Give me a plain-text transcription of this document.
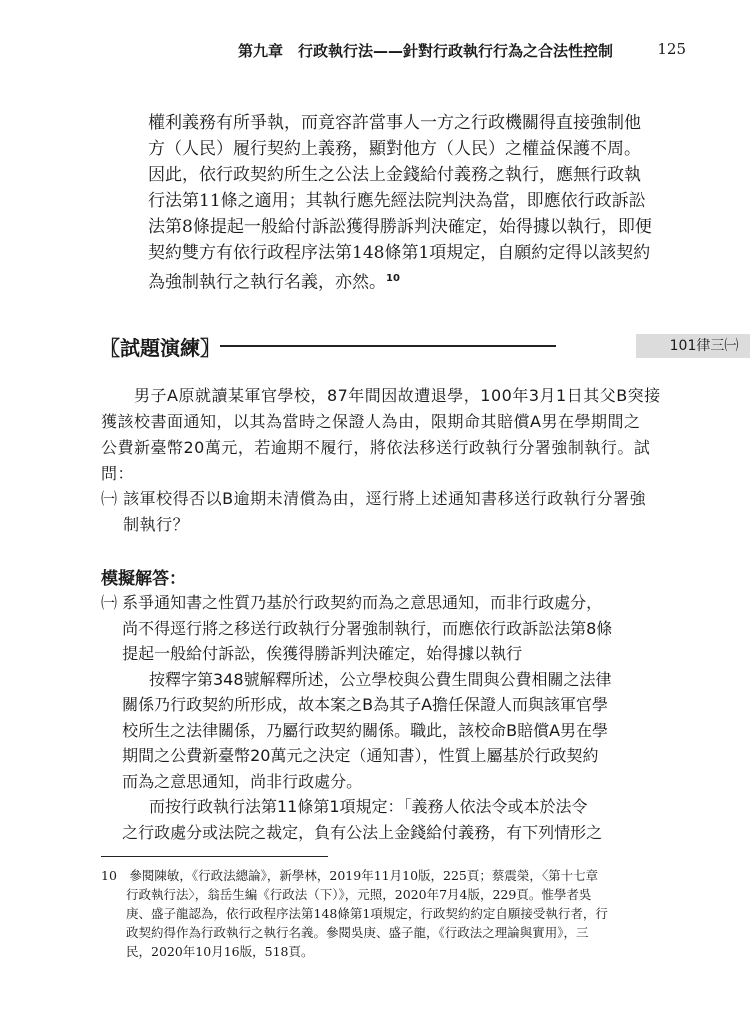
第九章　行政執行法——針對行政執行行為之合法性控制	125
權利義務有所爭執，而竟容許當事人一方之行政機關得直接強制他
方（人民）履行契約上義務，顯對他方（人民）之權益保護不周。
因此，依行政契約所生之公法上金錢給付義務之執行，應無行政執
行法第11條之適用；其執行應先經法院判決為當，即應依行政訴訟
法第8條提起一般給付訴訟獲得勝訴判決確定，始得據以執行，即便
契約雙方有依行政程序法第148條第1項規定，自願約定得以該契約
為強制執行之執行名義，亦然。$^{10}$
〖試題演練〗	101律三㈠
　　男子A原就讀某軍官學校，87年間因故遭退學，100年3月1日其父B突接
獲該校書面通知，以其為當時之保證人為由，限期命其賠償A男在學期間之
公費新臺幣20萬元，若逾期不履行，將依法移送行政執行分署強制執行。試
問：
㈠ 該軍校得否以B逾期未清償為由，逕行將上述通知書移送行政執行分署強
　 制執行？
模擬解答：
㈠ 系爭通知書之性質乃基於行政契約而為之意思通知，而非行政處分，
　 尚不得逕行將之移送行政執行分署強制執行，而應依行政訴訟法第8條
　 提起一般給付訴訟，俟獲得勝訴判決確定，始得據以執行
　　　按釋字第348號解釋所述，公立學校與公費生間與公費相關之法律
　 關係乃行政契約所形成，故本案之B為其子A擔任保證人而與該軍官學
　 校所生之法律關係，乃屬行政契約關係。職此，該校命B賠償A男在學
　 期間之公費新臺幣20萬元之決定（通知書），性質上屬基於行政契約
　 而為之意思通知，尚非行政處分。
　　　而按行政執行法第11條第1項規定：「義務人依法令或本於法令
　 之行政處分或法院之裁定，負有公法上金錢給付義務，有下列情形之
10　參閱陳敏，《行政法總論》，新學林，2019年11月10版，225頁；蔡震榮，〈第十七章
　　行政執行法〉，翁岳生編《行政法（下）》，元照，2020年7月4版，229頁。惟學者吳
　　庚、盛子龍認為，依行政程序法第148條第1項規定，行政契約約定自願接受執行者，行
　　政契約得作為行政執行之執行名義。參閱吳庚、盛子龍，《行政法之理論與實用》，三
　　民，2020年10月16版，518頁。
